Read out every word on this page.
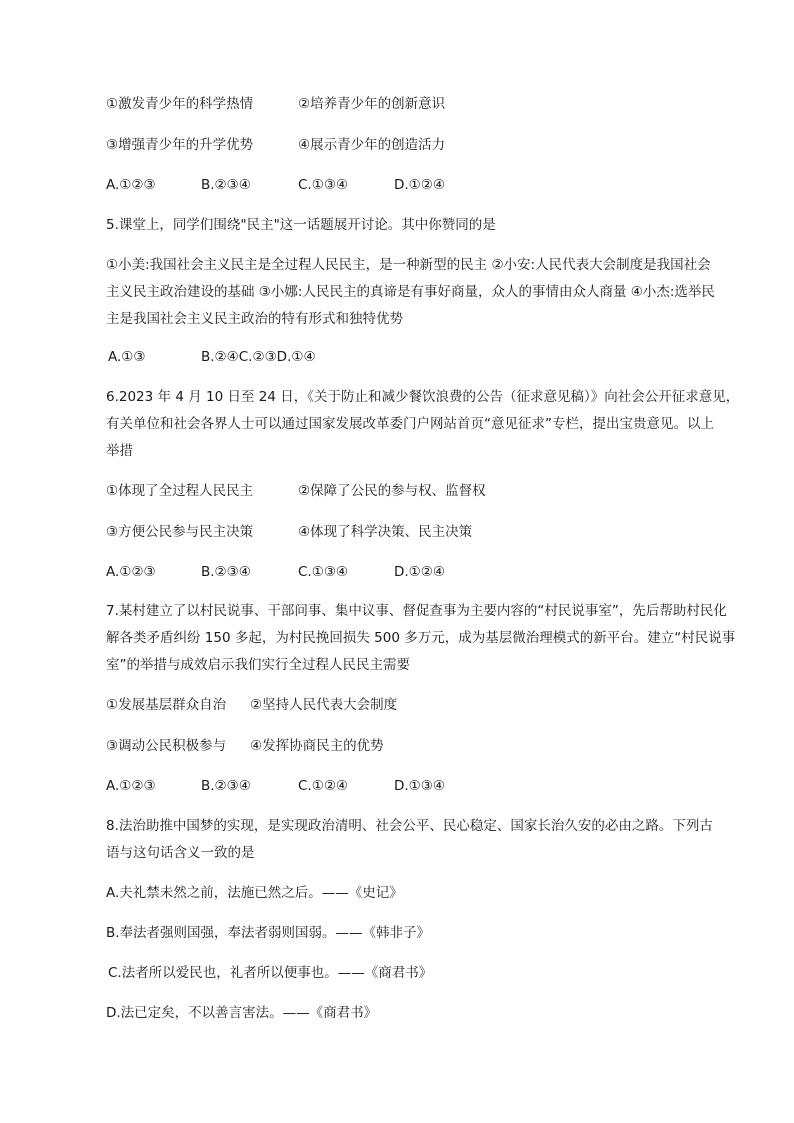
①激发青少年的科学热情	②培养青少年的创新意识
③增强青少年的升学优势	④展示青少年的创造活力
A.①②③	B.②③④	C.①③④	D.①②④
5.课堂上，同学们围绕"民主"这一话题展开讨论。其中你赞同的是
①小美:我国社会主义民主是全过程人民民主，是一种新型的民主 ②小安:人民代表大会制度是我国社会
主义民主政治建设的基础 ③小娜:人民民主的真谛是有事好商量，众人的事情由众人商量 ④小杰:选举民
主是我国社会主义民主政治的特有形式和独特优势
A.①③	B.②④C.②③D.①④
6.2023 年 4 月 10 日至 24 日，《关于防止和减少餐饮浪费的公告（征求意见稿）》向社会公开征求意见，
有关单位和社会各界人士可以通过国家发展改革委门户网站首页“意见征求”专栏，提出宝贵意见。以上
举措
①体现了全过程人民民主	②保障了公民的参与权、监督权
③方便公民参与民主决策	④体现了科学决策、民主决策
A.①②③	B.②③④	C.①③④	D.①②④
7.某村建立了以村民说事、干部问事、集中议事、督促查事为主要内容的“村民说事室”，先后帮助村民化
解各类矛盾纠纷 150 多起，为村民挽回损失 500 多万元，成为基层微治理模式的新平台。建立“村民说事
室”的举措与成效启示我们实行全过程人民民主需要
①发展基层群众自治 ②坚持人民代表大会制度
③调动公民积极参与 ④发挥协商民主的优势
A.①②③	B.②③④	C.①②④	D.①③④
8.法治助推中国梦的实现，是实现政治清明、社会公平、民心稳定、国家长治久安的必由之路。下列古
语与这句话含义一致的是
A.夫礼禁未然之前，法施已然之后。——《史记》
B.奉法者强则国强，奉法者弱则国弱。——《韩非子》
C.法者所以爱民也，礼者所以便事也。——《商君书》
D.法已定矣，不以善言害法。——《商君书》
